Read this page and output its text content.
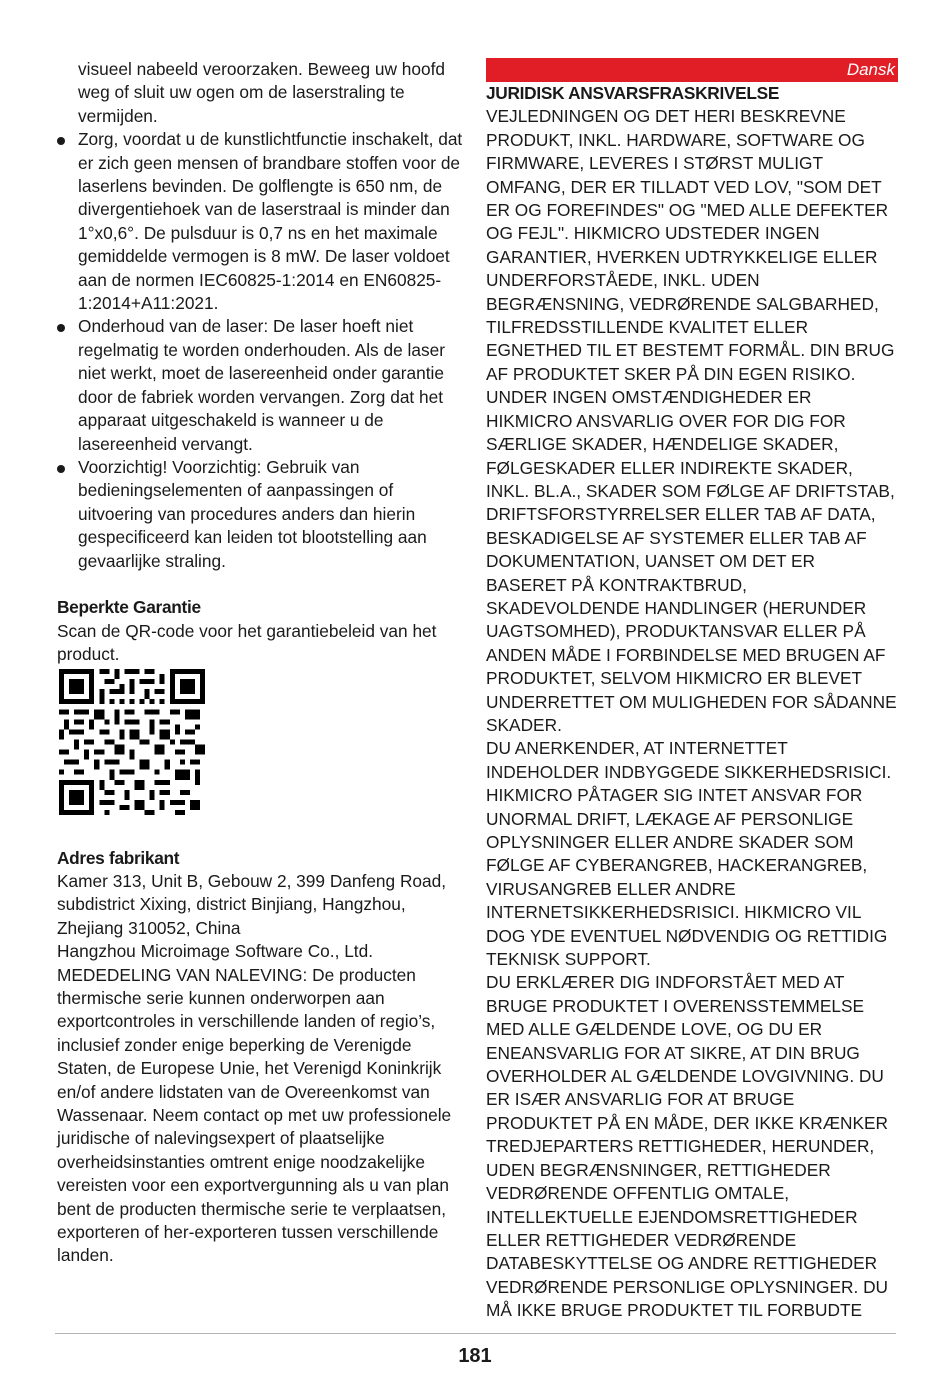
visueel nabeeld veroorzaken. Beweeg uw hoofd weg of sluit uw ogen om de laserstraling te vermijden.

Zorg, voordat u de kunstlichtfunctie inschakelt, dat er zich geen mensen of brandbare stoffen voor de laserlens bevinden. De golflengte is 650 nm, de divergentiehoek van de laserstraal is minder dan 1°x0,6°. De pulsduur is 0,7 ns en het maximale gemiddelde vermogen is 8 mW. De laser voldoet aan de normen IEC60825-1:2014 en EN60825-1:2014+A11:2021.
Onderhoud van de laser: De laser hoeft niet regelmatig te worden onderhouden. Als de laser niet werkt, moet de lasereenheid onder garantie door de fabriek worden vervangen. Zorg dat het apparaat uitgeschakeld is wanneer u de lasereenheid vervangt.
Voorzichtig! Voorzichtig: Gebruik van bedieningselementen of aanpassingen of uitvoering van procedures anders dan hierin gespecificeerd kan leiden tot blootstelling aan gevaarlijke straling.

Beperkte Garantie

Scan de QR-code voor het garantiebeleid van het product.

Adres fabrikant

Kamer 313, Unit B, Gebouw 2, 399 Danfeng Road, subdistrict Xixing, district Binjiang, Hangzhou, Zhejiang 310052, China

Hangzhou Microimage Software Co., Ltd.

MEDEDELING VAN NALEVING: De producten thermische serie kunnen onderworpen aan exportcontroles in verschillende landen of regio’s, inclusief zonder enige beperking de Verenigde Staten, de Europese Unie, het Verenigd Koninkrijk en/of andere lidstaten van de Overeenkomst van Wassenaar. Neem contact op met uw professionele juridische of nalevingsexpert of plaatselijke overheidsinstanties omtrent enige noodzakelijke vereisten voor een exportvergunning als u van plan bent de producten thermische serie te verplaatsen, exporteren of her-exporteren tussen verschillende landen.

Dansk

JURIDISK ANSVARSFRASKRIVELSE

VEJLEDNINGEN OG DET HERI BESKREVNE PRODUKT, INKL. HARDWARE, SOFTWARE OG FIRMWARE, LEVERES I STØRST MULIGT OMFANG, DER ER TILLADT VED LOV, "SOM DET ER OG FOREFINDES" OG "MED ALLE DEFEKTER OG FEJL". HIKMICRO UDSTEDER INGEN GARANTIER, HVERKEN UDTRYKKELIGE ELLER UNDERFORSTÅEDE, INKL. UDEN BEGRÆNSNING, VEDRØRENDE SALGBARHED, TILFREDSSTILLENDE KVALITET ELLER EGNETHED TIL ET BESTEMT FORMÅL. DIN BRUG AF PRODUKTET SKER PÅ DIN EGEN RISIKO. UNDER INGEN OMSTÆNDIGHEDER ER HIKMICRO ANSVARLIG OVER FOR DIG FOR SÆRLIGE SKADER, HÆNDELIGE SKADER, FØLGESKADER ELLER INDIREKTE SKADER, INKL. BL.A., SKADER SOM FØLGE AF DRIFTSTAB, DRIFTSFORSTYRRELSER ELLER TAB AF DATA, BESKADIGELSE AF SYSTEMER ELLER TAB AF DOKUMENTATION, UANSET OM DET ER BASERET PÅ KONTRAKTBRUD, SKADEVOLDENDE HANDLINGER (HERUNDER UAGTSOMHED), PRODUKTANSVAR ELLER PÅ ANDEN MÅDE I FORBINDELSE MED BRUGEN AF PRODUKTET, SELVOM HIKMICRO ER BLEVET UNDERRETTET OM MULIGHEDEN FOR SÅDANNE SKADER.

DU ANERKENDER, AT INTERNETTET INDEHOLDER INDBYGGEDE SIKKERHEDSRISICI. HIKMICRO PÅTAGER SIG INTET ANSVAR FOR UNORMAL DRIFT, LÆKAGE AF PERSONLIGE OPLYSNINGER ELLER ANDRE SKADER SOM FØLGE AF CYBERANGREB, HACKERANGREB, VIRUSANGREB ELLER ANDRE INTERNETSIKKERHEDSRISICI. HIKMICRO VIL DOG YDE EVENTUEL NØDVENDIG OG RETTIDIG TEKNISK SUPPORT.

DU ERKLÆRER DIG INDFORSTÅET MED AT BRUGE PRODUKTET I OVERENSSTEMMELSE MED ALLE GÆLDENDE LOVE, OG DU ER ENEANSVARLIG FOR AT SIKRE, AT DIN BRUG OVERHOLDER AL GÆLDENDE LOVGIVNING. DU ER ISÆR ANSVARLIG FOR AT BRUGE PRODUKTET PÅ EN MÅDE, DER IKKE KRÆNKER TREDJEPARTERS RETTIGHEDER, HERUNDER, UDEN BEGRÆNSNINGER, RETTIGHEDER VEDRØRENDE OFFENTLIG OMTALE, INTELLEKTUELLE EJENDOMSRETTIGHEDER ELLER RETTIGHEDER VEDRØRENDE DATABESKYTTELSE OG ANDRE RETTIGHEDER VEDRØRENDE PERSONLIGE OPLYSNINGER. DU MÅ IKKE BRUGE PRODUKTET TIL FORBUDTE

181
